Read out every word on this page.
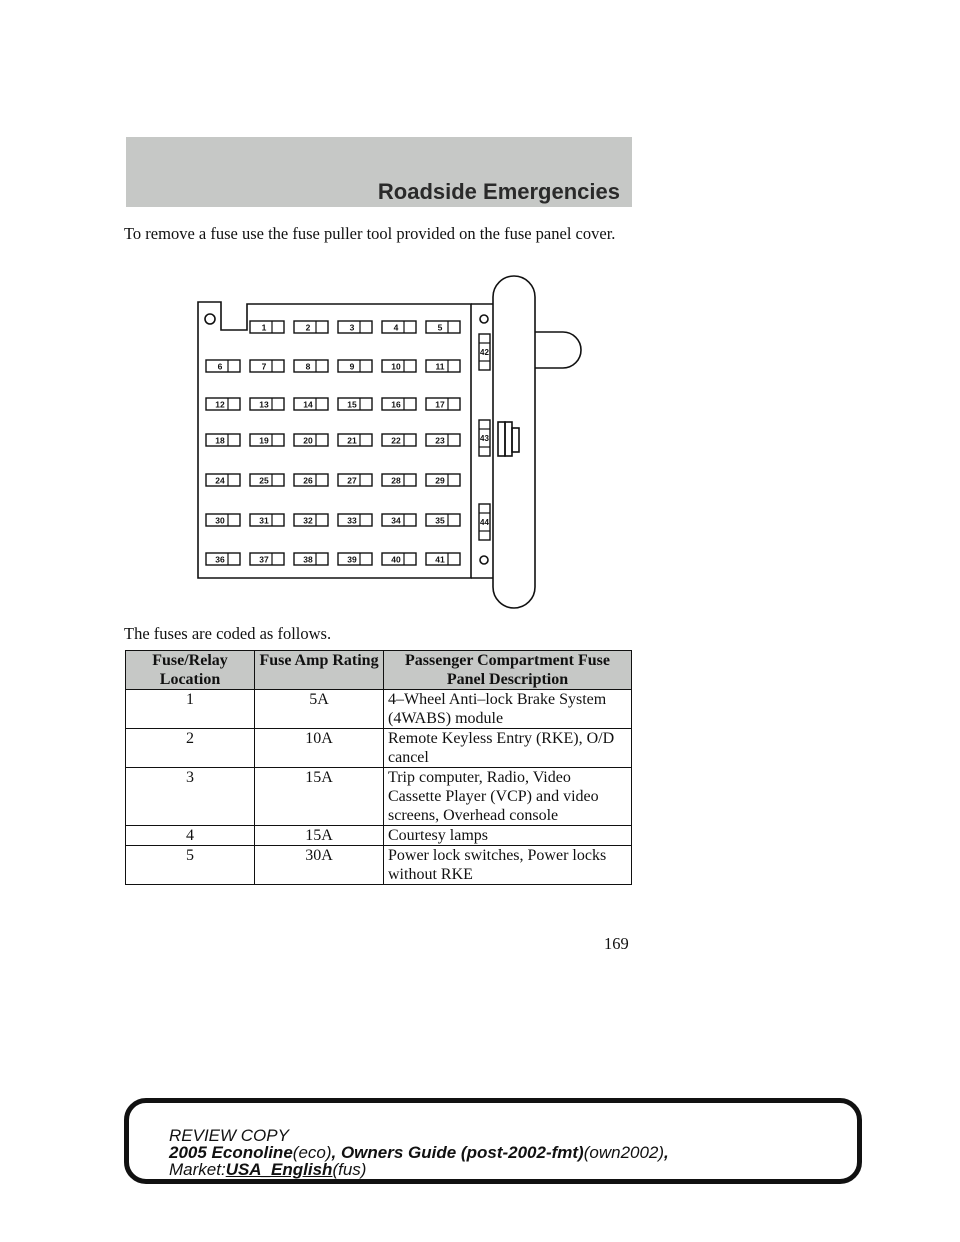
Roadside Emergencies
To remove a fuse use the fuse puller tool provided on the fuse panel cover.
1	2	3	4	5
6	7	8	9	10	11
12	13	14	15	16	17
18	19	20	21	22	23
24	25	26	27	28	29
30	31	32	33	34	35
36	37	38	39	40	41
42
43
44
The fuses are coded as follows.
Fuse/Relay Location	Fuse Amp Rating	Passenger Compartment Fuse Panel Description
1	5A	4–Wheel Anti–lock Brake System (4WABS) module
2	10A	Remote Keyless Entry (RKE), O/D cancel
3	15A	Trip computer, Radio, Video Cassette Player (VCP) and video screens, Overhead console
4	15A	Courtesy lamps
5	30A	Power lock switches, Power locks without RKE
169
REVIEW COPY
2005 Econoline(eco), Owners Guide (post-2002-fmt)(own2002),
Market:USA_English(fus)
